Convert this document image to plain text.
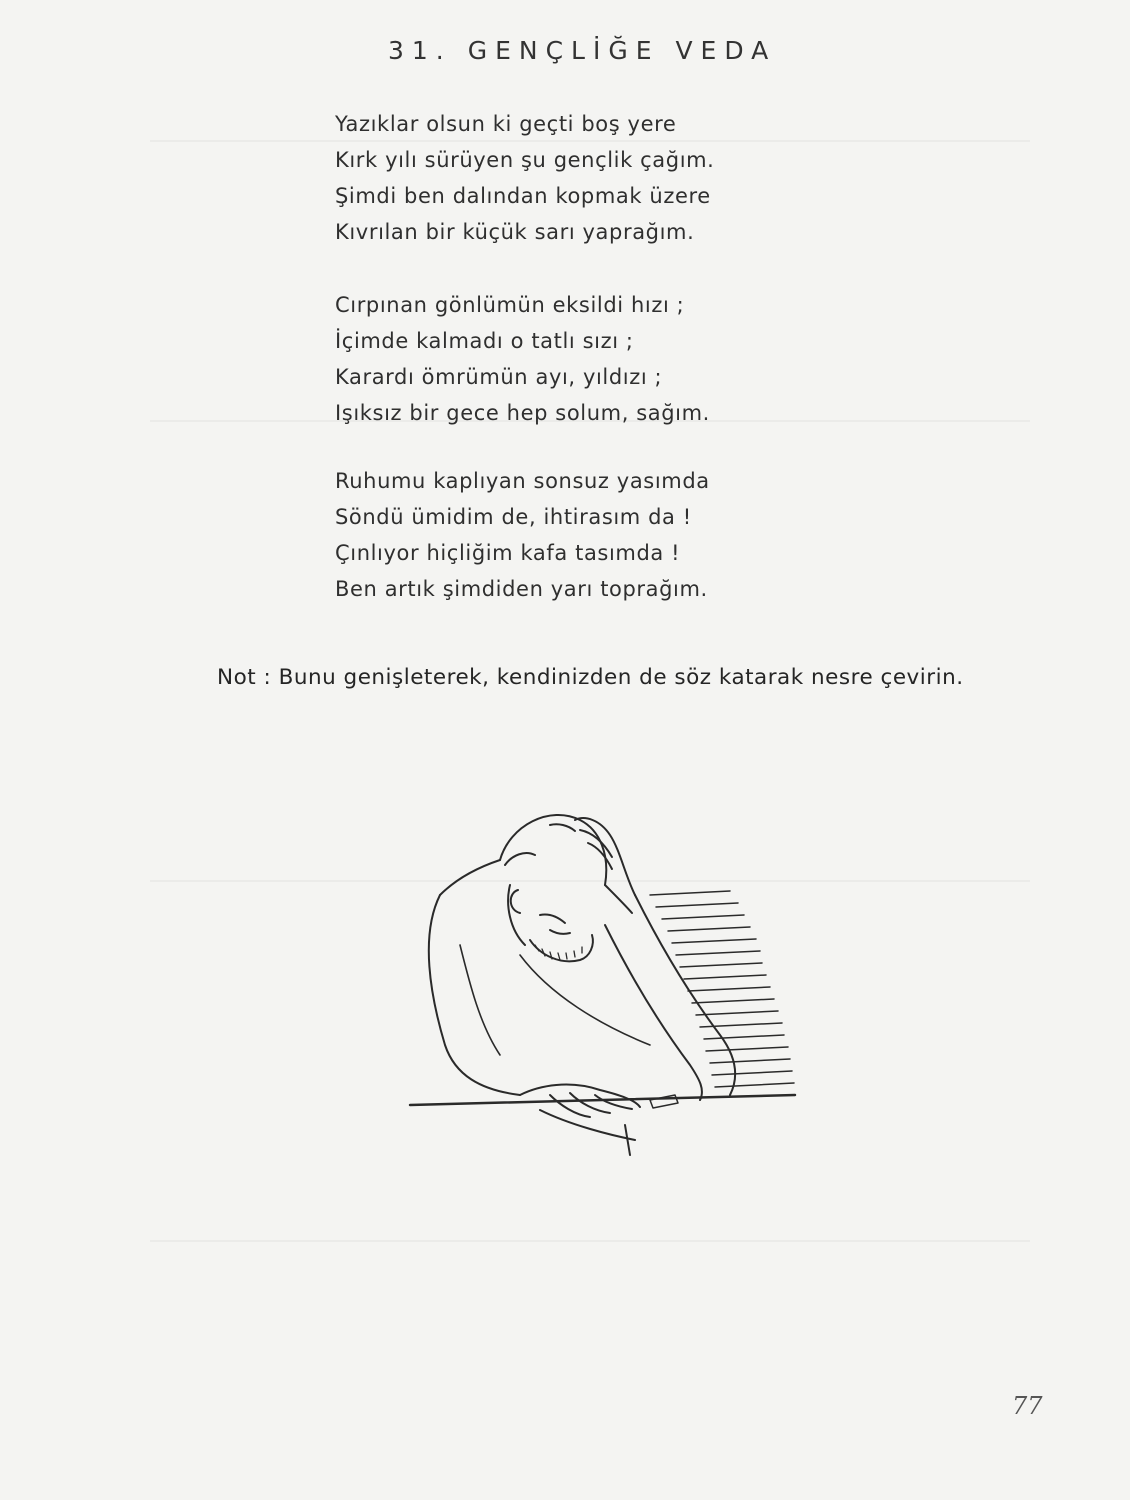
31. GENÇLİĞE VEDA
Yazıklar olsun ki geçti boş yere
Kırk yılı sürüyen şu gençlik çağım.
Şimdi ben dalından kopmak üzere
Kıvrılan bir küçük sarı yaprağım.
Cırpınan gönlümün eksildi hızı ;
İçimde kalmadı o tatlı sızı ;
Karardı ömrümün ayı, yıldızı ;
Işıksız bir gece hep solum, sağım.
Ruhumu kaplıyan sonsuz yasımda
Söndü ümidim de, ihtirasım da !
Çınlıyor hiçliğim kafa tasımda !
Ben artık şimdiden yarı toprağım.
Not : Bunu genişleterek, kendinizden de söz katarak nesre çevirin.
77
